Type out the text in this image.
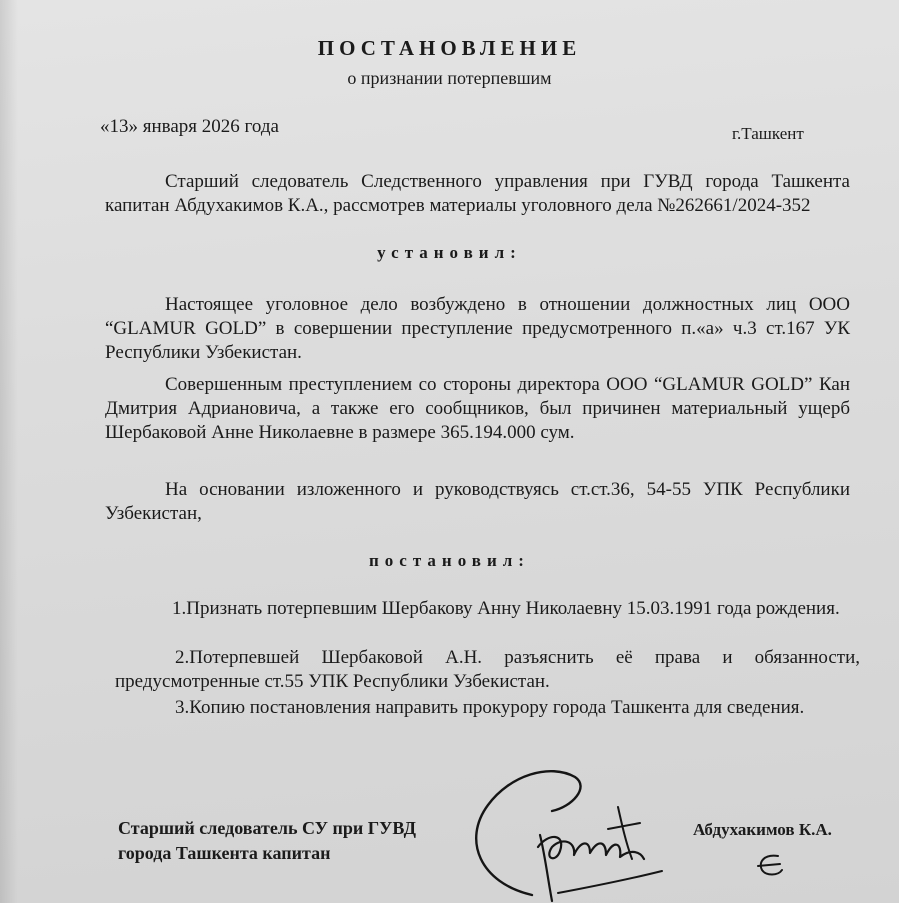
ПОСТАНОВЛЕНИЕ
о признании потерпевшим
«13» января 2026 года	г.Ташкент
Старший следователь Следственного управления при ГУВД города Ташкента капитан Абдухакимов К.А., рассмотрев материалы уголовного дела №262661/2024-352
установил:
Настоящее уголовное дело возбуждено в отношении должностных лиц ООО “GLAMUR GOLD” в совершении преступление предусмотренного п.«а» ч.3 ст.167 УК Республики Узбекистан.
Совершенным преступлением со стороны директора ООО “GLAMUR GOLD” Кан Дмитрия Адриановича, а также его сообщников, был причинен материальный ущерб Шербаковой Анне Николаевне в размере 365.194.000 сум.
На основании изложенного и руководствуясь ст.ст.36, 54-55 УПК Республики Узбекистан,
постановил:
1.Признать потерпевшим Шербакову Анну Николаевну 15.03.1991 года рождения.
2.Потерпевшей Шербаковой А.Н. разъяснить её права и обязанности, предусмотренные ст.55 УПК Республики Узбекистан.
3.Копию постановления направить прокурору города Ташкента для сведения.
Старший следователь СУ при ГУВД
города Ташкента капитан
Абдухакимов К.А.
